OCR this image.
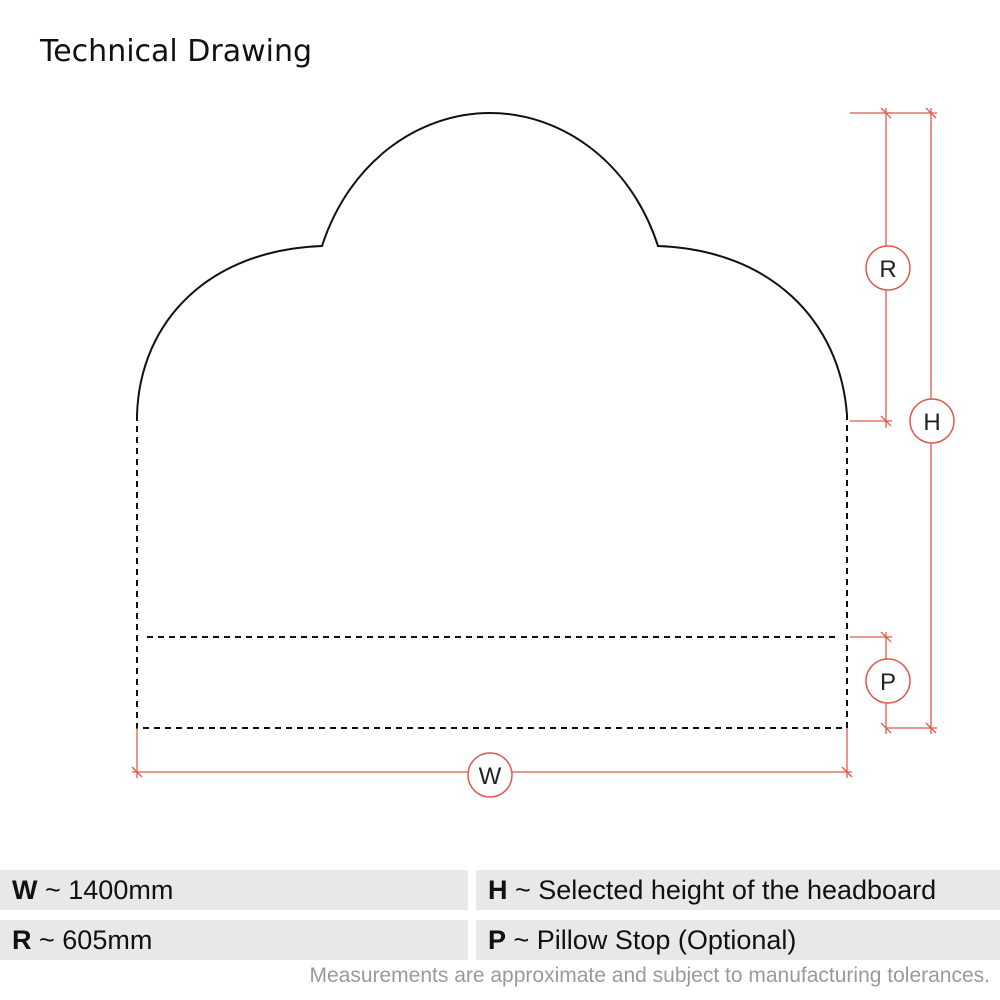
Technical Drawing
W
R
H
P
W ~ 1400mm	H ~ Selected height of the headboard
R ~ 605mm	P ~ Pillow Stop (Optional)
Measurements are approximate and subject to manufacturing tolerances.
